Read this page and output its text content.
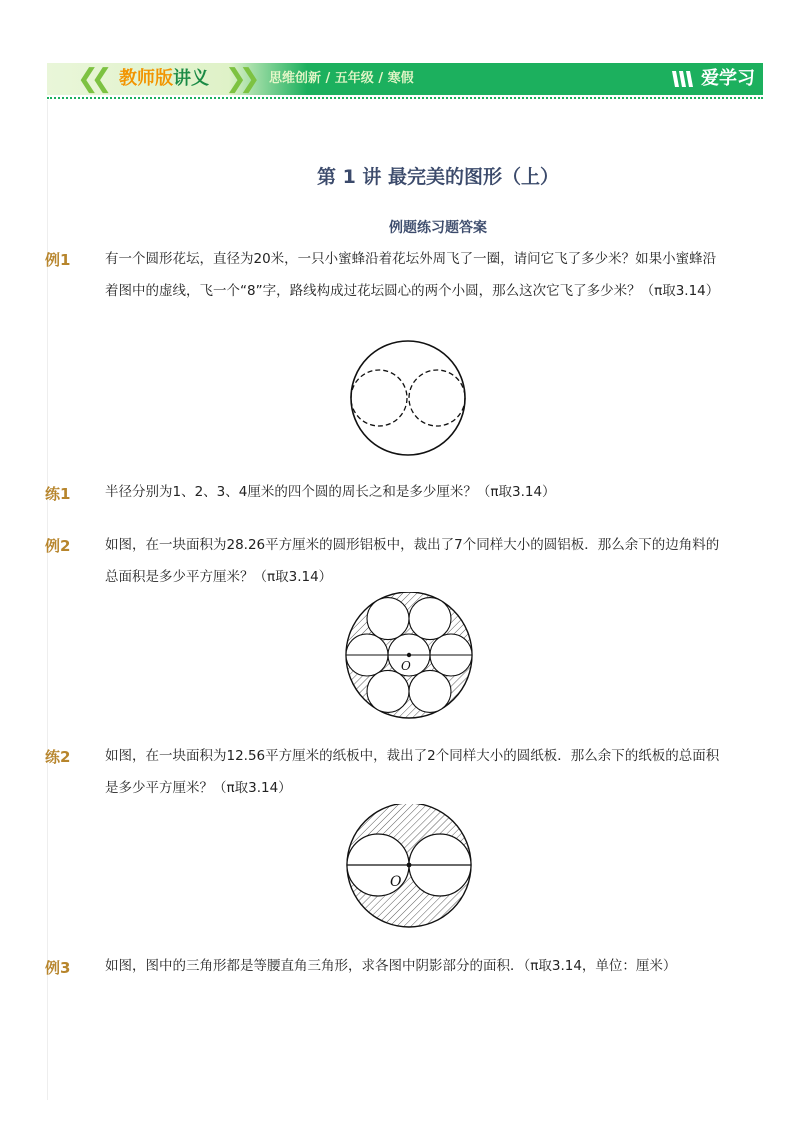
❮❮ 教师版讲义 ❯❯ 思维创新 / 五年级 / 寒假	爱学习
第 1 讲 最完美的图形（上）
例题练习题答案
例1	有一个圆形花坛，直径为20米，一只小蜜蜂沿着花坛外周飞了一圈，请问它飞了多少米？如果小蜜蜂沿着图中的虚线，飞一个“8”字，路线构成过花坛圆心的两个小圆，那么这次它飞了多少米？（π取3.14）
练1	半径分别为1、2、3、4厘米的四个圆的周长之和是多少厘米？（π取3.14）
例2	如图，在一块面积为28.26平方厘米的圆形铝板中，裁出了7个同样大小的圆铝板．那么余下的边角料的总面积是多少平方厘米？（π取3.14）
O
练2	如图，在一块面积为12.56平方厘米的纸板中，裁出了2个同样大小的圆纸板．那么余下的纸板的总面积是多少平方厘米？（π取3.14）
O
例3	如图，图中的三角形都是等腰直角三角形，求各图中阴影部分的面积．（π取3.14，单位：厘米）
